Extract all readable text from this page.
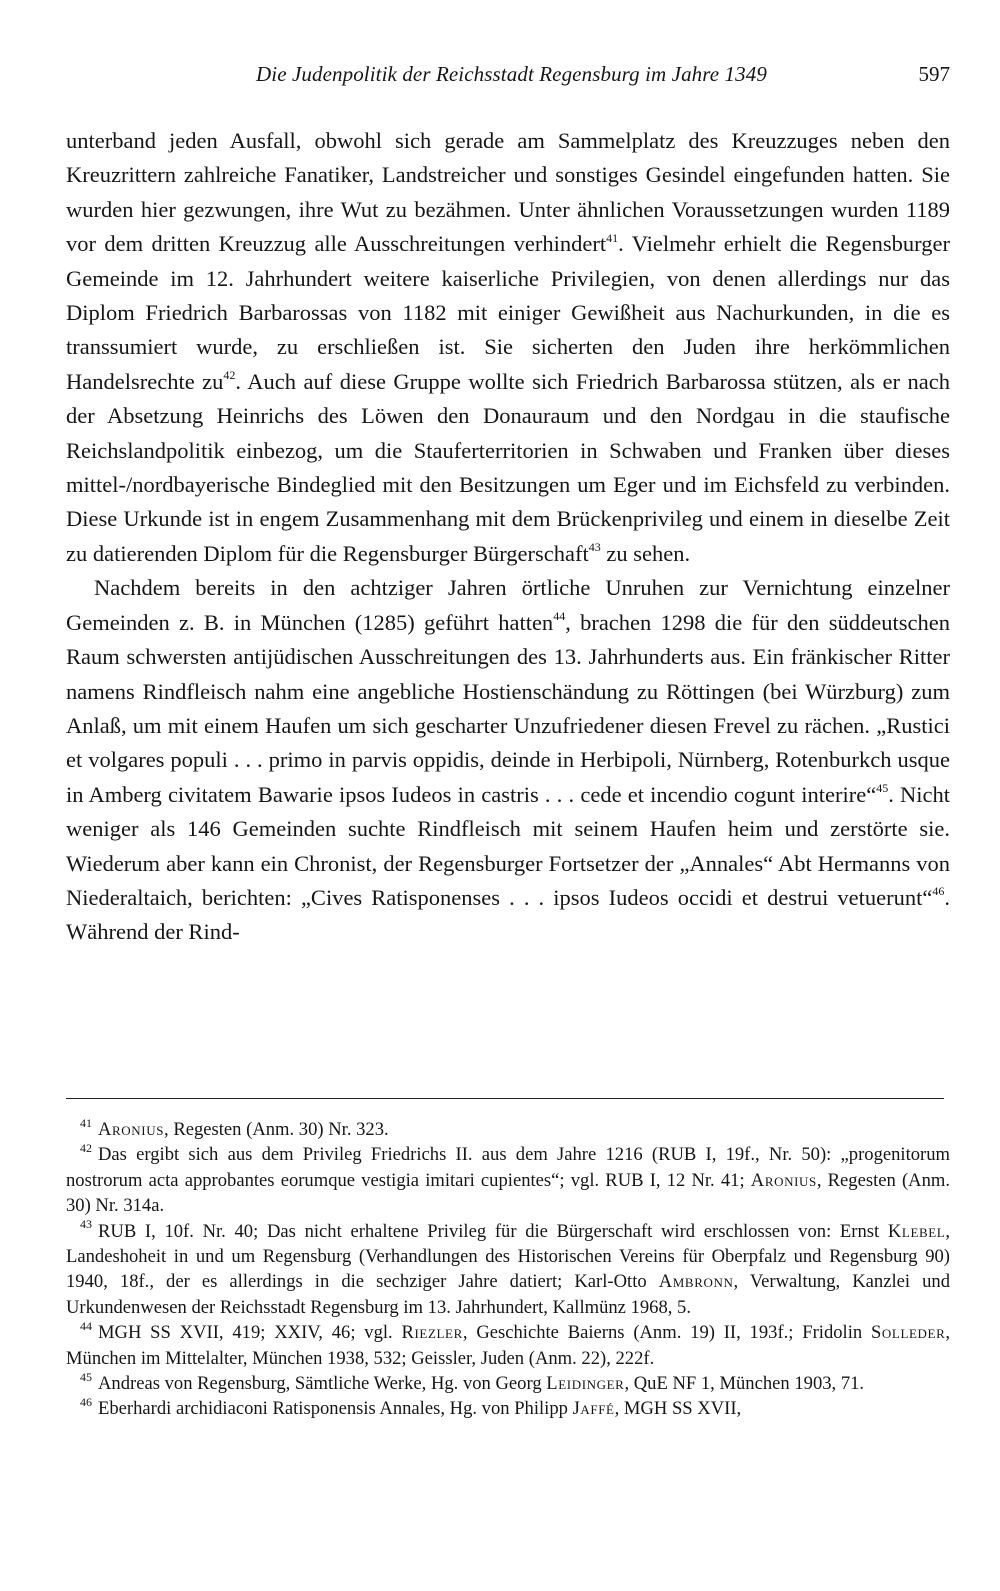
Die Judenpolitik der Reichsstadt Regensburg im Jahre 1349	597

unterband jeden Ausfall, obwohl sich gerade am Sammelplatz des Kreuzzuges neben den Kreuzrittern zahlreiche Fanatiker, Landstreicher und sonstiges Gesindel eingefunden hatten. Sie wurden hier gezwungen, ihre Wut zu bezähmen. Unter ähnlichen Voraussetzungen wurden 1189 vor dem dritten Kreuzzug alle Ausschreitungen verhindert$^{41}$. Vielmehr erhielt die Regensburger Gemeinde im 12. Jahrhundert weitere kaiserliche Privilegien, von denen allerdings nur das Diplom Friedrich Barbarossas von 1182 mit einiger Gewißheit aus Nachurkunden, in die es transsumiert wurde, zu erschließen ist. Sie sicherten den Juden ihre herkömmlichen Handelsrechte $zu^{42}$. Auch auf diese Gruppe wollte sich Friedrich Barbarossa stützen, als er nach der Absetzung Heinrichs des Löwen den Donauraum und den Nordgau in die staufische Reichslandpolitik einbezog, um die Stauferterritorien in Schwaben und Franken über dieses mittel-/nordbayerische Bindeglied mit den Besitzungen um Eger und im Eichsfeld zu verbinden. Diese Urkunde ist in engem Zusammenhang mit dem Brückenprivileg und einem in dieselbe Zeit zu datierenden Diplom für die Regensburger Bürgerschaft$^{43}$ zu sehen.

Nachdem bereits in den achtziger Jahren örtliche Unruhen zur Vernichtung einzelner Gemeinden z. B. in München (1285) geführt hatten$^{44}$, brachen 1298 die für den süddeutschen Raum schwersten antijüdischen Ausschreitungen des 13. Jahrhunderts aus. Ein fränkischer Ritter namens Rindfleisch nahm eine angebliche Hostienschändung zu Röttingen (bei Würzburg) zum Anlaß, um mit einem Haufen um sich gescharter Unzufriedener diesen Frevel zu rächen. „Rustici et volgares populi . . . primo in parvis oppidis, deinde in Herbipoli, Nürnberg, Rotenburkch usque in Amberg civitatem Bawarie ipsos Iudeos in castris . . . cede et incendio cogunt interire“$^{45}$. Nicht weniger als 146 Gemeinden suchte Rindfleisch mit seinem Haufen heim und zerstörte sie. Wiederum aber kann ein Chronist, der Regensburger Fortsetzer der „Annales“ Abt Hermanns von Niederaltaich, berichten: „Cives Ratisponenses . . . ipsos Iudeos occidi et destrui vetuerunt“$^{46}$. Während der Rind-

$^{41}$ Aronius, Regesten (Anm. 30) Nr. 323.

$^{42}$ Das ergibt sich aus dem Privileg Friedrichs II. aus dem Jahre 1216 (RUB I, 19f., Nr. 50): „progenitorum nostrorum acta approbantes eorumque vestigia imitari cupientes“; vgl. RUB I, 12 Nr. 41; Aronius, Regesten (Anm. 30) Nr. 314a.

$^{43}$ RUB I, 10f. Nr. 40; Das nicht erhaltene Privileg für die Bürgerschaft wird erschlossen von: Ernst Klebel, Landeshoheit in und um Regensburg (Verhandlungen des Historischen Vereins für Oberpfalz und Regensburg 90) 1940, 18f., der es allerdings in die sechziger Jahre datiert; Karl-Otto Ambronn, Verwaltung, Kanzlei und Urkundenwesen der Reichsstadt Regensburg im 13. Jahrhundert, Kallmünz 1968, 5.

$^{44}$ MGH SS XVII, 419; XXIV, 46; vgl. Riezler, Geschichte Baierns (Anm. 19) II, 193f.; Fridolin Solleder, München im Mittelalter, München 1938, 532; Geissler, Juden (Anm. 22), 222f.

$^{45}$ Andreas von Regensburg, Sämtliche Werke, Hg. von Georg Leidinger, QuE NF 1, München 1903, 71.

$^{46}$ Eberhardi archidiaconi Ratisponensis Annales, Hg. von Philipp Jaffé, MGH SS XVII,
